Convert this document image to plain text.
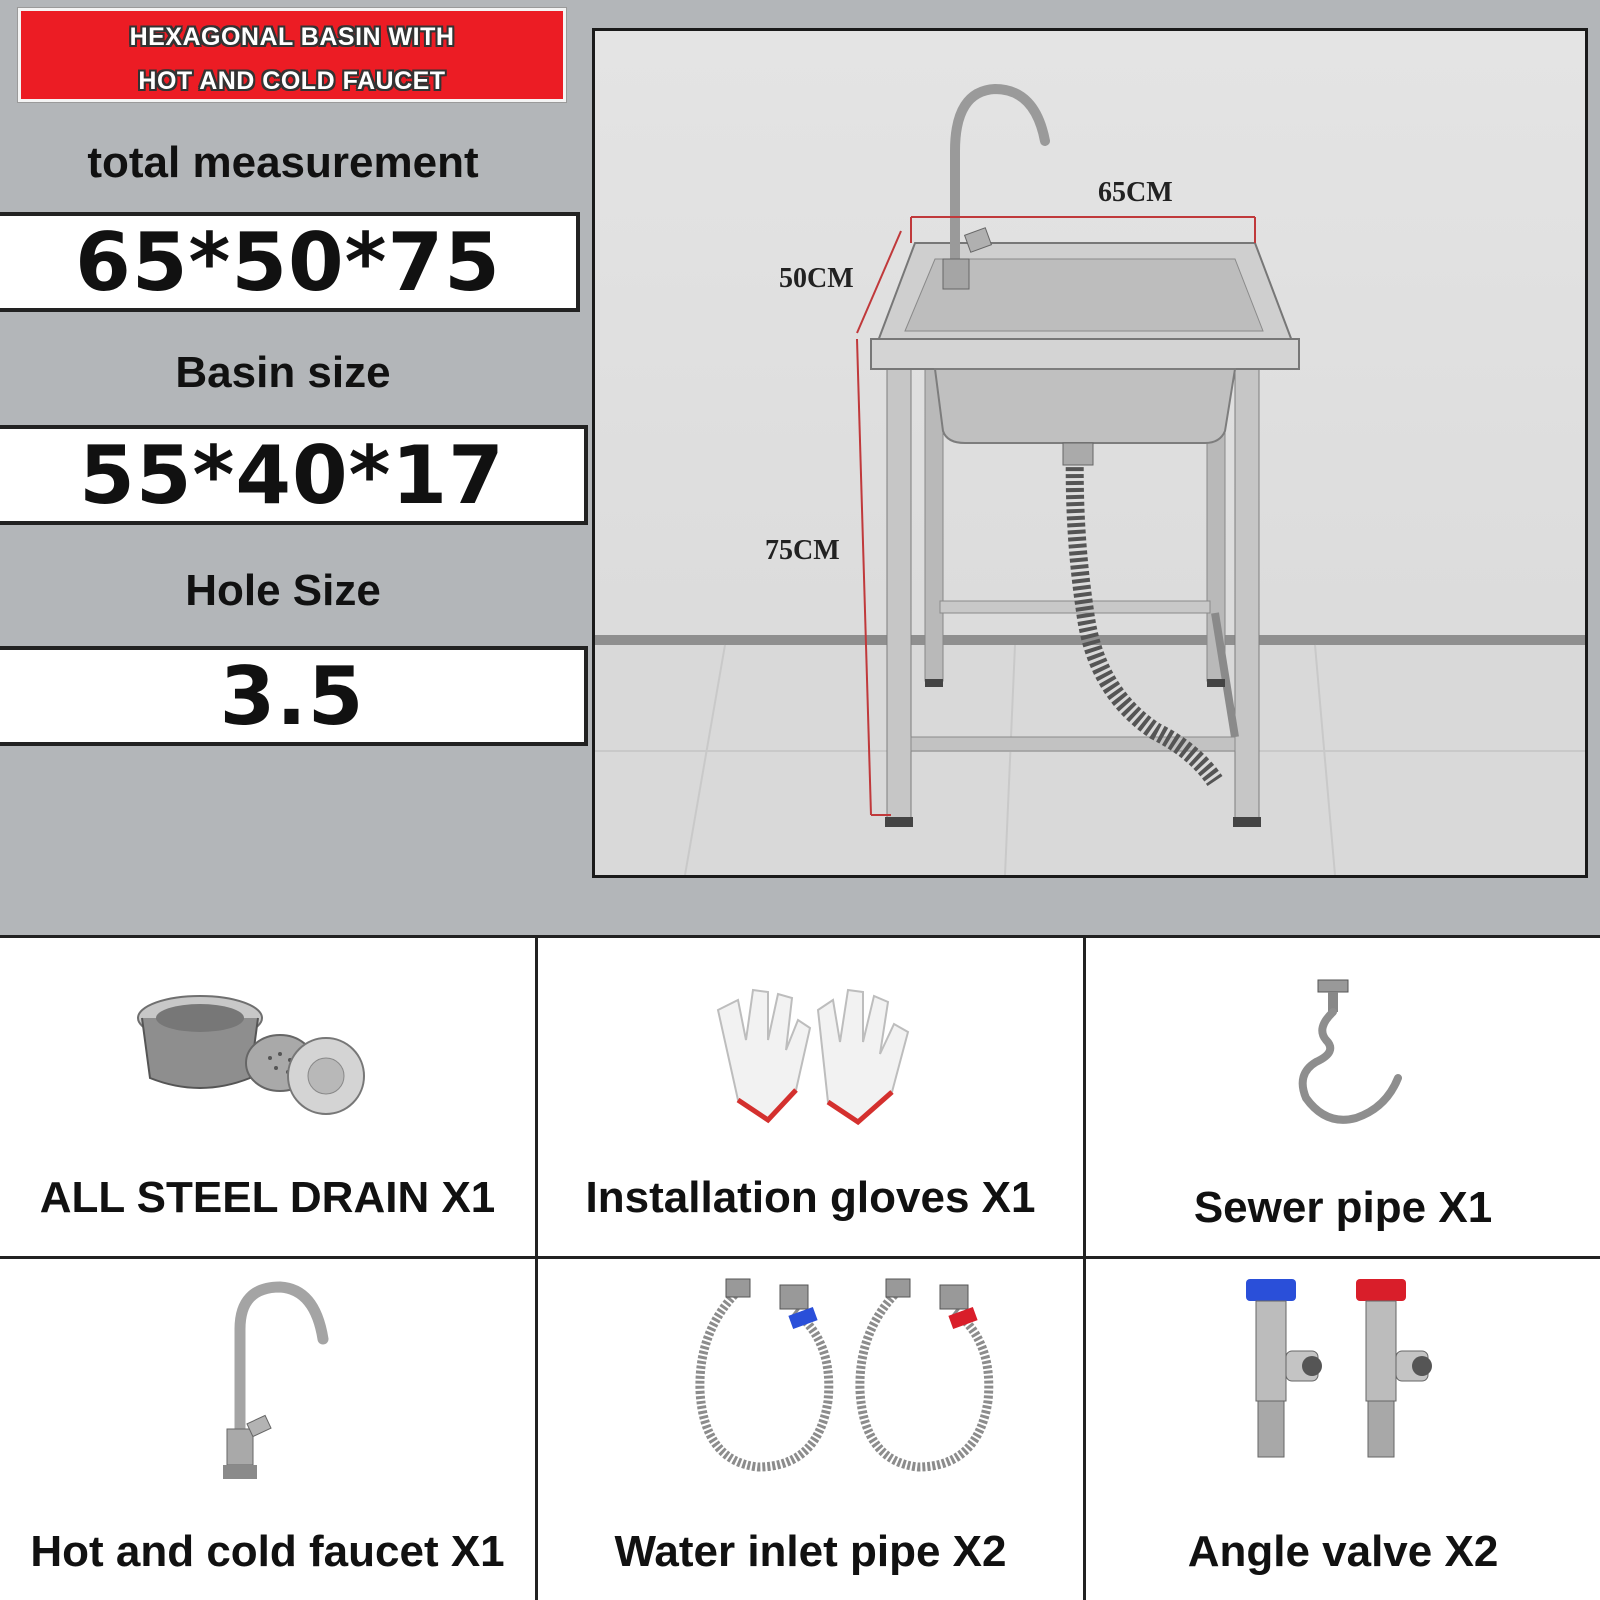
HEXAGONAL BASIN WITH
HOT AND COLD FAUCET
total measurement
65*50*75
Basin size
55*40*17
Hole Size
3.5
65CM
50CM
75CM
ALL STEEL DRAIN X1	Installation gloves X1	Sewer pipe X1
Hot and cold faucet X1	Water inlet pipe X2	Angle valve X2
